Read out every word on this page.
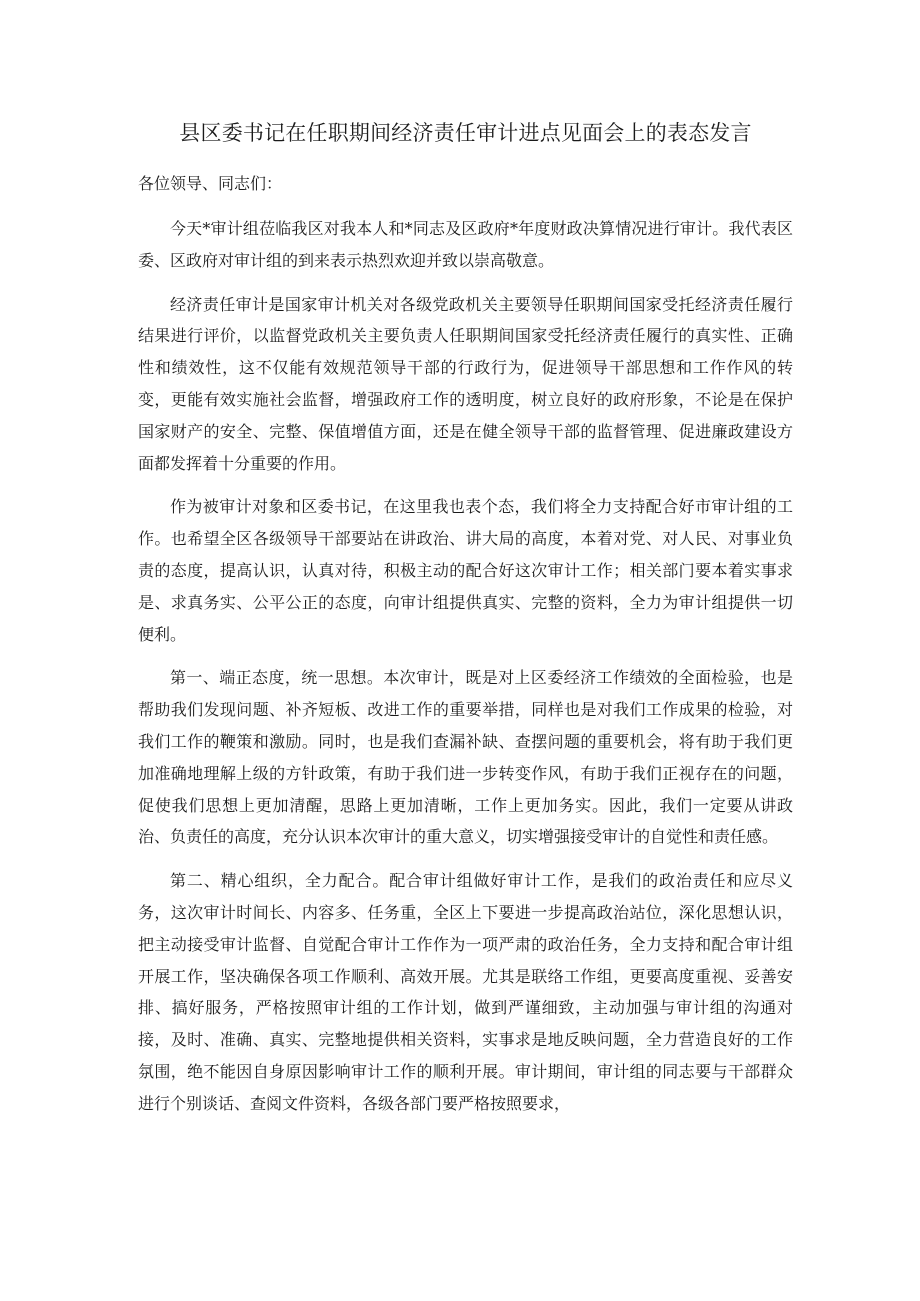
县区委书记在任职期间经济责任审计进点见面会上的表态发言

各位领导、同志们：

今天*审计组莅临我区对我本人和*同志及区政府*年度财政决算情况进行审计。我代表区委、区政府对审计组的到来表示热烈欢迎并致以崇高敬意。

经济责任审计是国家审计机关对各级党政机关主要领导任职期间国家受托经济责任履行结果进行评价，以监督党政机关主要负责人任职期间国家受托经济责任履行的真实性、正确性和绩效性，这不仅能有效规范领导干部的行政行为，促进领导干部思想和工作作风的转变，更能有效实施社会监督，增强政府工作的透明度，树立良好的政府形象，不论是在保护国家财产的安全、完整、保值增值方面，还是在健全领导干部的监督管理、促进廉政建设方面都发挥着十分重要的作用。

作为被审计对象和区委书记，在这里我也表个态，我们将全力支持配合好市审计组的工作。也希望全区各级领导干部要站在讲政治、讲大局的高度，本着对党、对人民、对事业负责的态度，提高认识，认真对待，积极主动的配合好这次审计工作；相关部门要本着实事求是、求真务实、公平公正的态度，向审计组提供真实、完整的资料，全力为审计组提供一切便利。

第一、端正态度，统一思想。本次审计，既是对上区委经济工作绩效的全面检验，也是帮助我们发现问题、补齐短板、改进工作的重要举措，同样也是对我们工作成果的检验，对我们工作的鞭策和激励。同时，也是我们查漏补缺、查摆问题的重要机会，将有助于我们更加准确地理解上级的方针政策，有助于我们进一步转变作风，有助于我们正视存在的问题，促使我们思想上更加清醒，思路上更加清晰，工作上更加务实。因此，我们一定要从讲政治、负责任的高度，充分认识本次审计的重大意义，切实增强接受审计的自觉性和责任感。

第二、精心组织，全力配合。配合审计组做好审计工作，是我们的政治责任和应尽义务，这次审计时间长、内容多、任务重，全区上下要进一步提高政治站位，深化思想认识，把主动接受审计监督、自觉配合审计工作作为一项严肃的政治任务，全力支持和配合审计组开展工作，坚决确保各项工作顺利、高效开展。尤其是联络工作组，更要高度重视、妥善安排、搞好服务，严格按照审计组的工作计划，做到严谨细致，主动加强与审计组的沟通对接，及时、准确、真实、完整地提供相关资料，实事求是地反映问题，全力营造良好的工作氛围，绝不能因自身原因影响审计工作的顺利开展。审计期间，审计组的同志要与干部群众进行个别谈话、查阅文件资料，各级各部门要严格按照要求，
